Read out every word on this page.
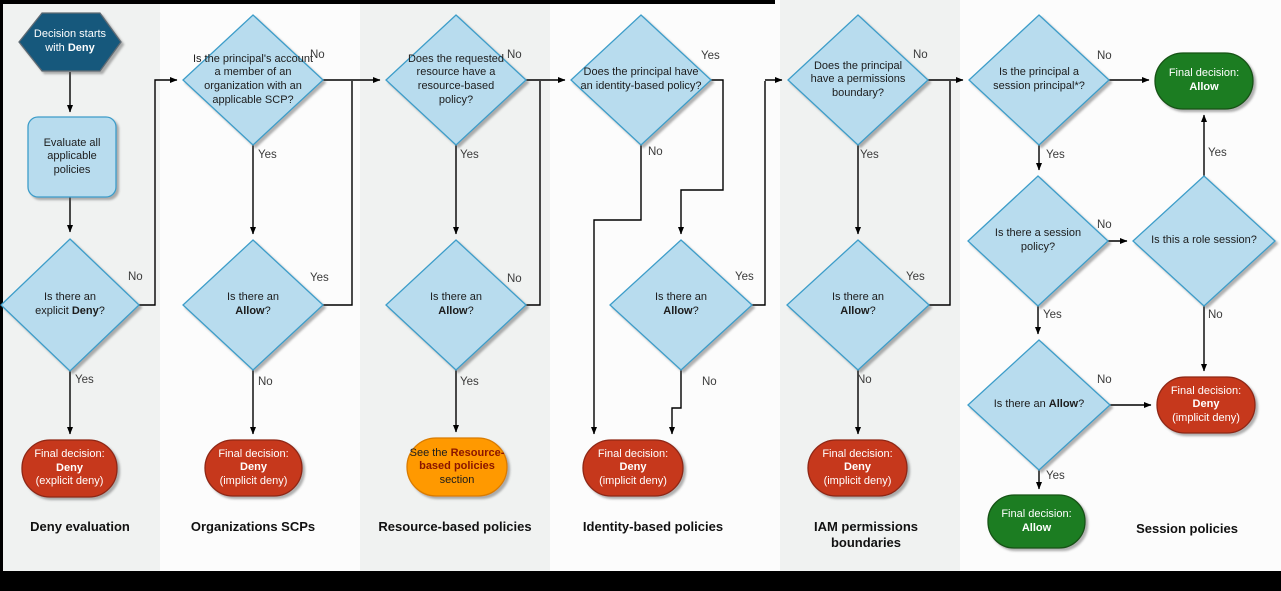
Decision starts with Deny
Evaluate all applicable policies
Is there an explicit Deny?
Final decision:
Deny
(explicit deny)
Is the principal's account a member of an organization with an applicable SCP?
Is there an Allow?
Final decision:
Deny
(implicit deny)
Does the requested resource have a resource-based policy?
Is there an Allow?
See the Resource-based policies section
Does the principal have an identity-based policy?
Is there an Allow?
Final decision:
Deny
(implicit deny)
Does the principal have a permissions boundary?
Is there an Allow?
Final decision:
Deny
(implicit deny)
Is the principal a session principal*?
Final decision:
Allow
Is there a session policy?
Is this a role session?
Is there an Allow?
Final decision:
Deny
(implicit deny)
Final decision:
Allow
No
Yes
No
Yes
Yes
No
No
Yes
No
Yes
Yes
No
Yes
No
No
Yes
Yes
No
No
Yes
No
Yes
No
Yes
No
Yes
Deny evaluation	Organizations SCPs	Resource-based policies	Identity-based policies	IAM permissions boundaries
Session policies
